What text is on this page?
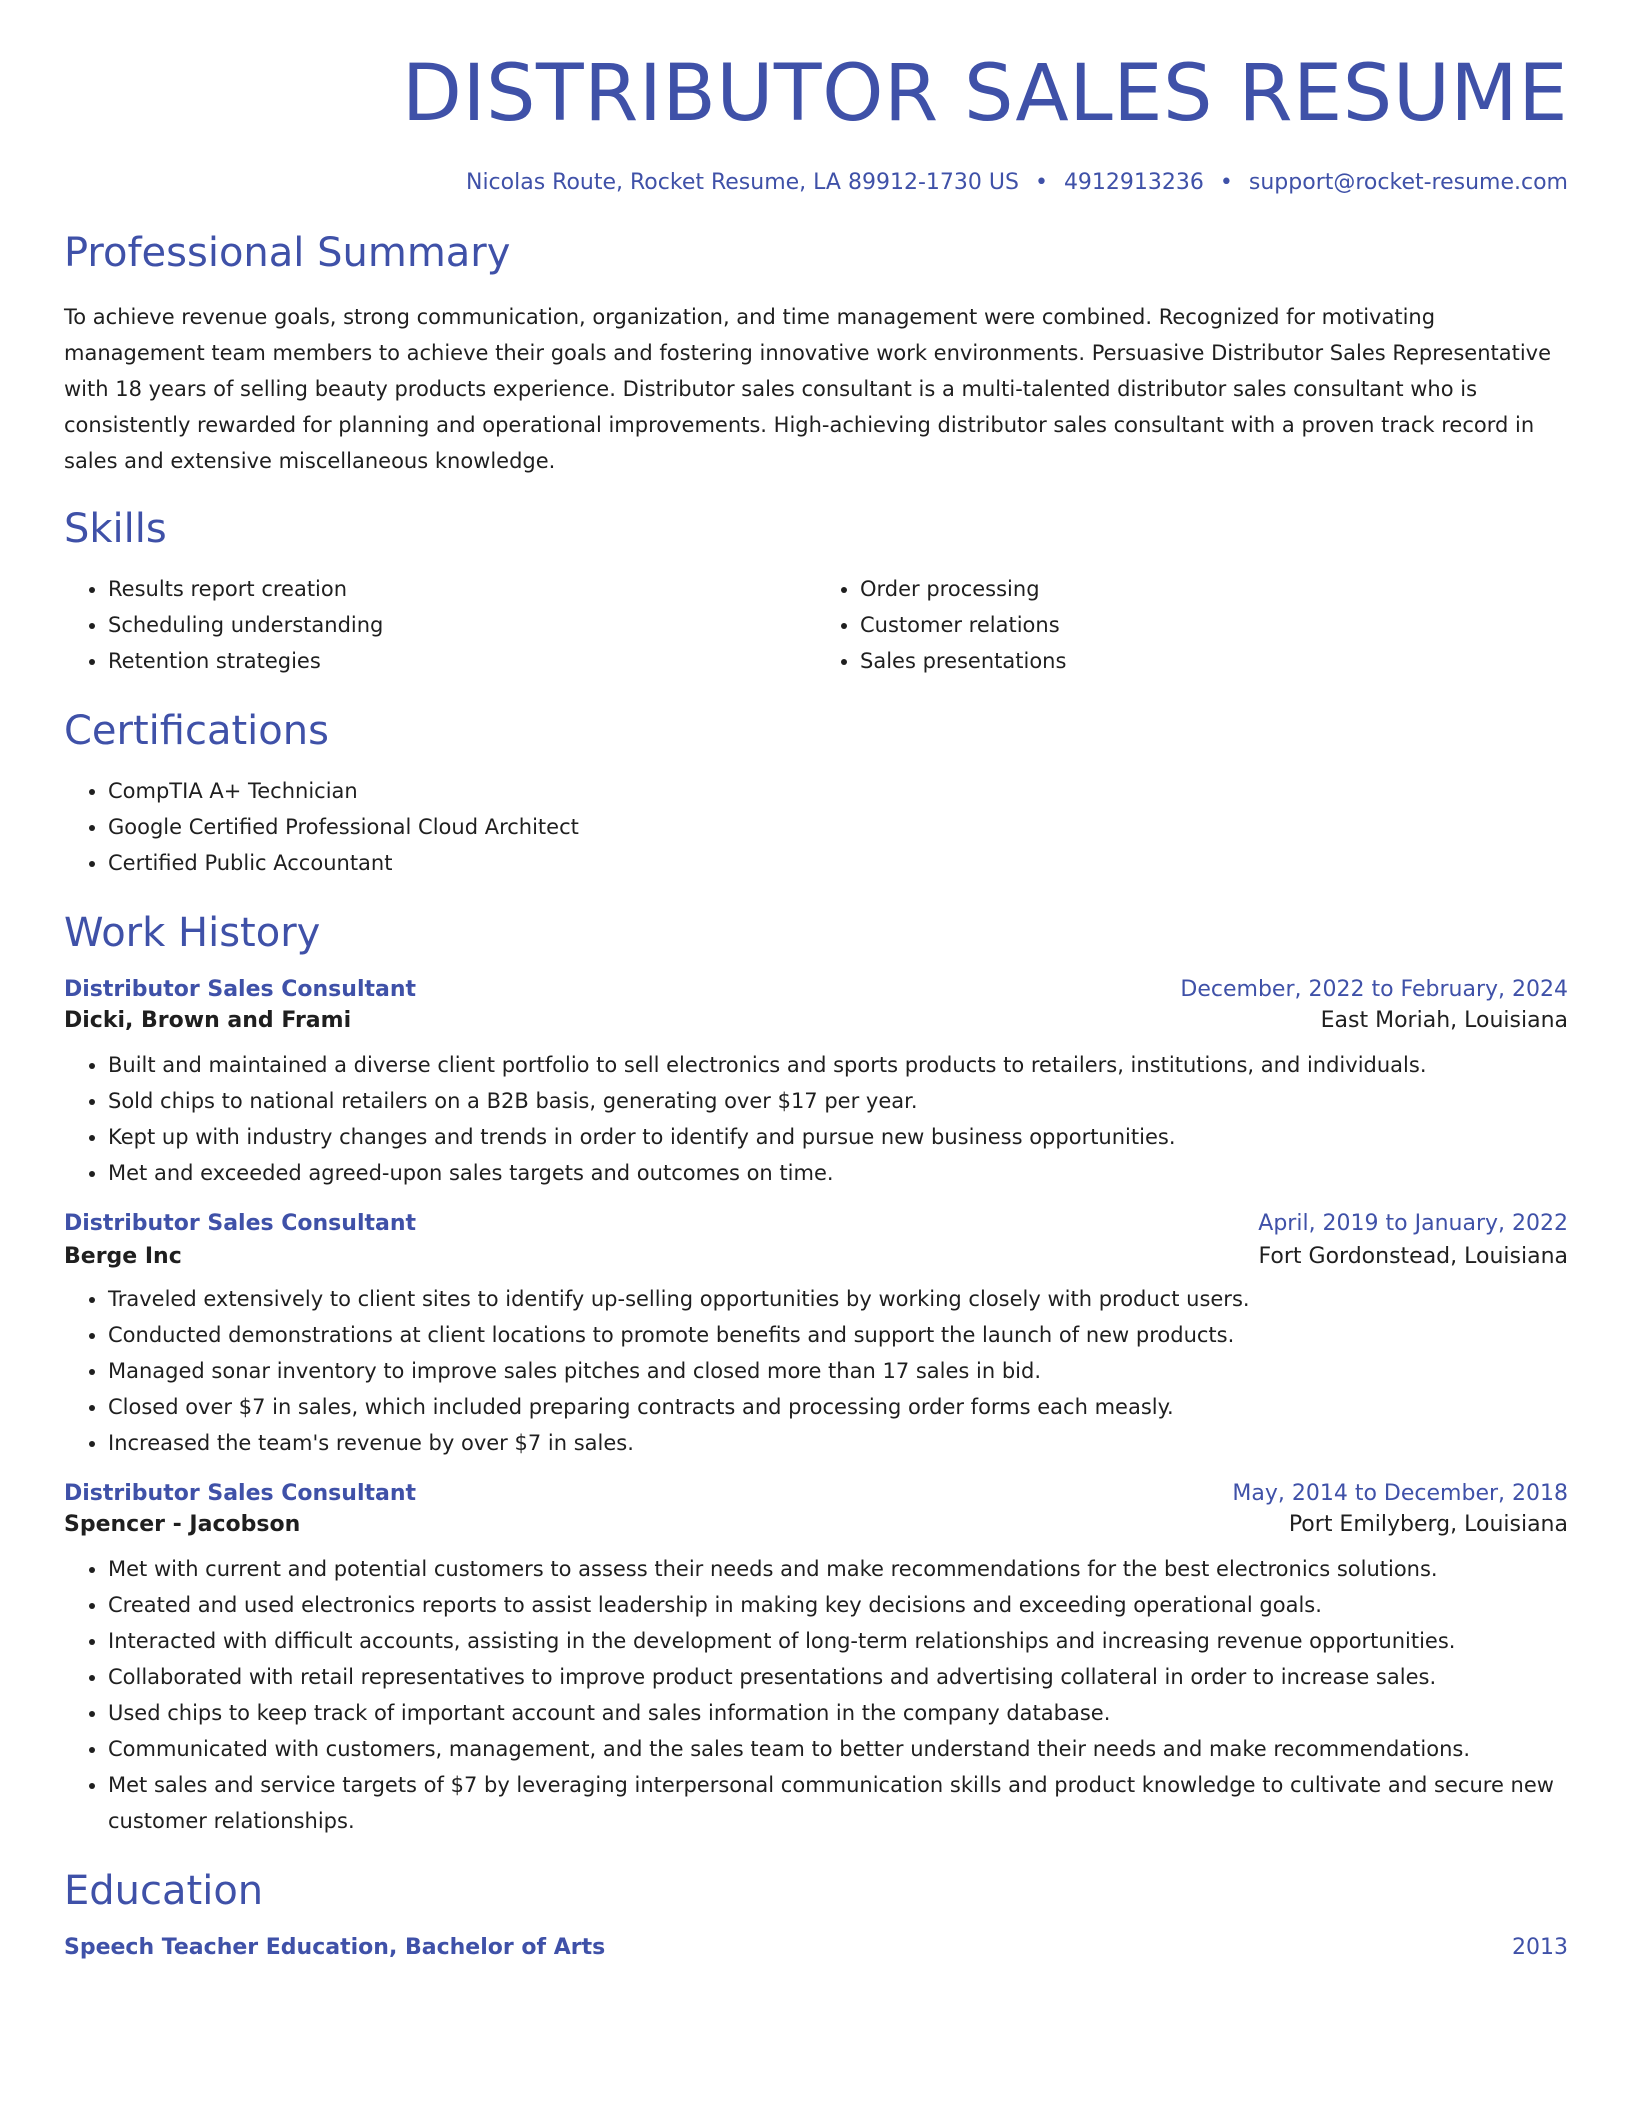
DISTRIBUTOR SALES RESUME
Nicolas Route, Rocket Resume, LA 89912-1730 US • 4912913236 • support@rocket-resume.com
Professional Summary
To achieve revenue goals, strong communication, organization, and time management were combined. Recognized for motivating management team members to achieve their goals and fostering innovative work environments. Persuasive Distributor Sales Representative with 18 years of selling beauty products experience. Distributor sales consultant is a multi-talented distributor sales consultant who is consistently rewarded for planning and operational improvements. High-achieving distributor sales consultant with a proven track record in sales and extensive miscellaneous knowledge.
Skills
• Results report creation
• Scheduling understanding
• Retention strategies
• Order processing
• Customer relations
• Sales presentations
Certifications
• CompTIA A+ Technician
• Google Certified Professional Cloud Architect
• Certified Public Accountant
Work History
Distributor Sales Consultant	December, 2022 to February, 2024
Dicki, Brown and Frami	East Moriah, Louisiana
• Built and maintained a diverse client portfolio to sell electronics and sports products to retailers, institutions, and individuals.
• Sold chips to national retailers on a B2B basis, generating over $17 per year.
• Kept up with industry changes and trends in order to identify and pursue new business opportunities.
• Met and exceeded agreed-upon sales targets and outcomes on time.
Distributor Sales Consultant	April, 2019 to January, 2022
Berge Inc	Fort Gordonstead, Louisiana
• Traveled extensively to client sites to identify up-selling opportunities by working closely with product users.
• Conducted demonstrations at client locations to promote benefits and support the launch of new products.
• Managed sonar inventory to improve sales pitches and closed more than 17 sales in bid.
• Closed over $7 in sales, which included preparing contracts and processing order forms each measly.
• Increased the team's revenue by over $7 in sales.
Distributor Sales Consultant	May, 2014 to December, 2018
Spencer - Jacobson	Port Emilyberg, Louisiana
• Met with current and potential customers to assess their needs and make recommendations for the best electronics solutions.
• Created and used electronics reports to assist leadership in making key decisions and exceeding operational goals.
• Interacted with difficult accounts, assisting in the development of long-term relationships and increasing revenue opportunities.
• Collaborated with retail representatives to improve product presentations and advertising collateral in order to increase sales.
• Used chips to keep track of important account and sales information in the company database.
• Communicated with customers, management, and the sales team to better understand their needs and make recommendations.
• Met sales and service targets of $7 by leveraging interpersonal communication skills and product knowledge to cultivate and secure new customer relationships.
Education
Speech Teacher Education, Bachelor of Arts	2013
